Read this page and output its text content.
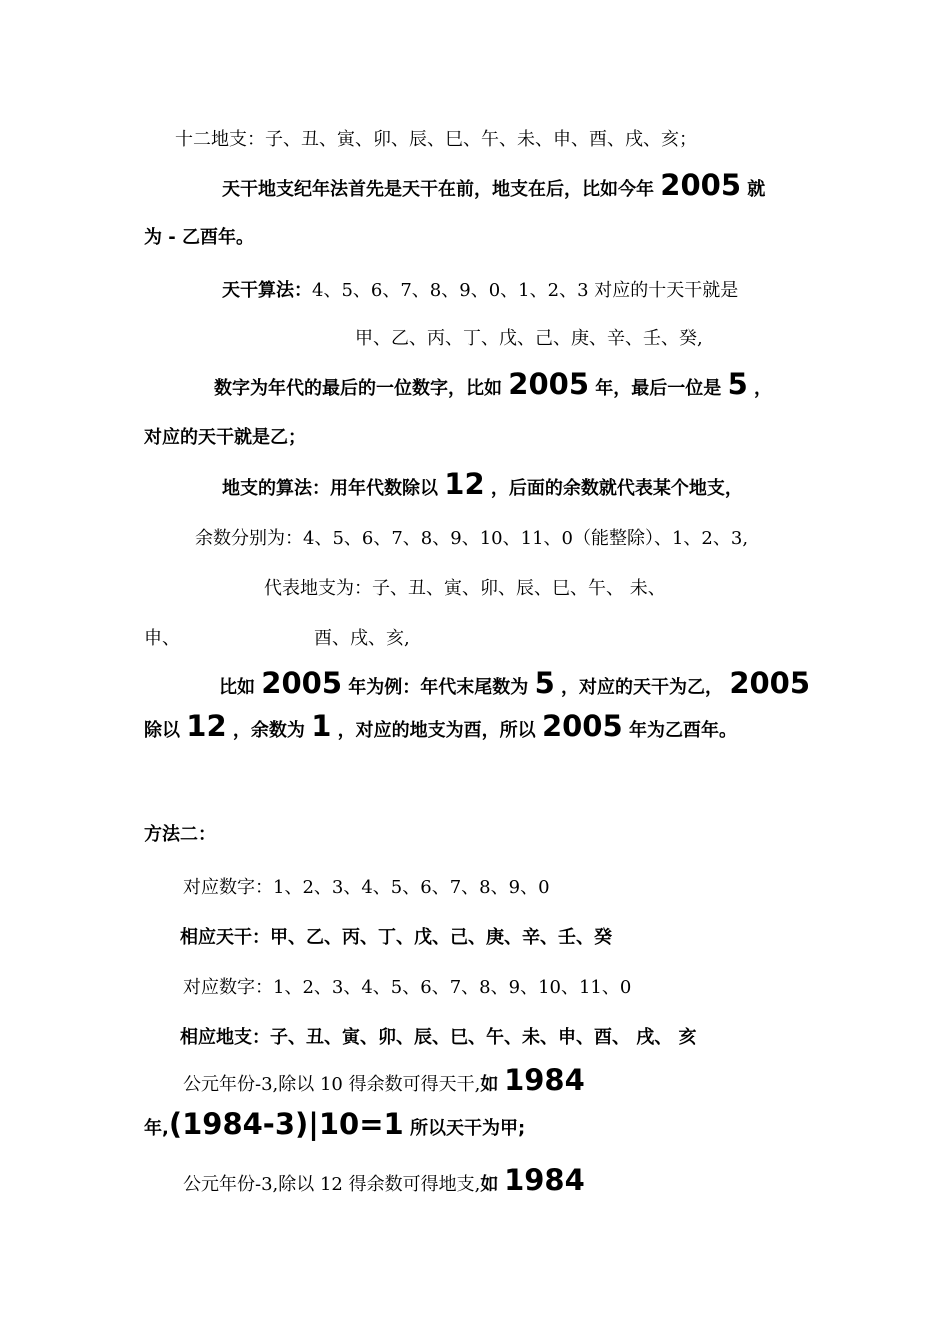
十二地支：子、丑、寅、卯、辰、巳、午、未、申、酉、戌、亥；
天干地支纪年法首先是天干在前，地支在后，比如今年 2005 就
为 - 乙酉年。
天干算法：4、5、6、7、8、9、0、1、2、3 对应的十天干就是
甲、乙、丙、丁、戊、己、庚、辛、壬、癸,
数字为年代的最后的一位数字，比如 2005 年，最后一位是 5 ，
对应的天干就是乙；
地支的算法：用年代数除以 12 ，后面的余数就代表某个地支，
余数分别为：4、5、6、7、8、9、10、11、0（能整除）、1、2、3,
代表地支为：子、丑、寅、卯、辰、巳、午、 未、
申、	酉、戌、亥,
比如 2005 年为例：年代末尾数为 5 ，对应的天干为乙， 2005
除以 12 ，余数为 1 ，对应的地支为酉，所以 2005 年为乙酉年。
方法二：
对应数字：1、2、3、4、5、6、7、8、9、0
相应天干：甲、乙、丙、丁、戊、己、庚、辛、壬、癸
对应数字：1、2、3、4、5、6、7、8、9、10、11、0
相应地支：子、丑、寅、卯、辰、巳、午、未、申、酉、 戌、 亥
公元年份-3,除以 10 得余数可得天干,如 1984
年,(1984-3)|10=1 所以天干为甲;
公元年份-3,除以 12 得余数可得地支,如 1984
